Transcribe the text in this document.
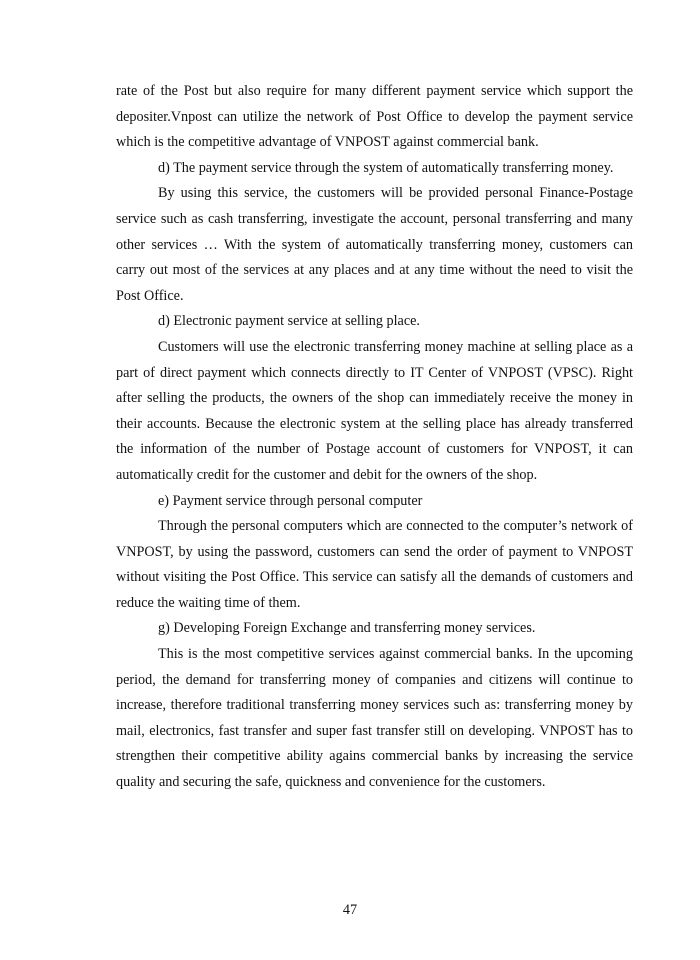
rate of the Post but also require for many different payment service which support the depositer.Vnpost can utilize the network of Post Office to develop the payment service which is the competitive advantage of VNPOST against commercial bank.

d) The payment service through the system of automatically transferring money.

By using this service, the customers will be provided personal Finance-Postage service such as cash transferring, investigate the account, personal transferring and many other services … With the system of automatically transferring money, customers can carry out most of the services at any places and at any time without the need to visit the Post Office.

d) Electronic payment service at selling place.

Customers will use the electronic transferring money machine at selling place as a part of direct payment which connects directly to IT Center of VNPOST (VPSC). Right after selling the products, the owners of the shop can immediately receive the money in their accounts. Because the electronic system at the selling place has already transferred the information of the number of Postage account of customers for VNPOST, it can automatically credit for the customer and debit for the owners of the shop.

e) Payment service through personal computer

Through the personal computers which are connected to the computer’s network of VNPOST, by using the password, customers can send the order of payment to VNPOST without visiting the Post Office. This service can satisfy all the demands of customers and reduce the waiting time of them.

g) Developing Foreign Exchange and transferring money services.

This is the most competitive services against commercial banks. In the upcoming period, the demand for transferring money of companies and citizens will continue to increase, therefore traditional transferring money services such as: transferring money by mail, electronics, fast transfer and super fast transfer still on developing. VNPOST has to strengthen their competitive ability agains commercial banks by increasing the service quality and securing the safe, quickness and convenience for the customers.

47
